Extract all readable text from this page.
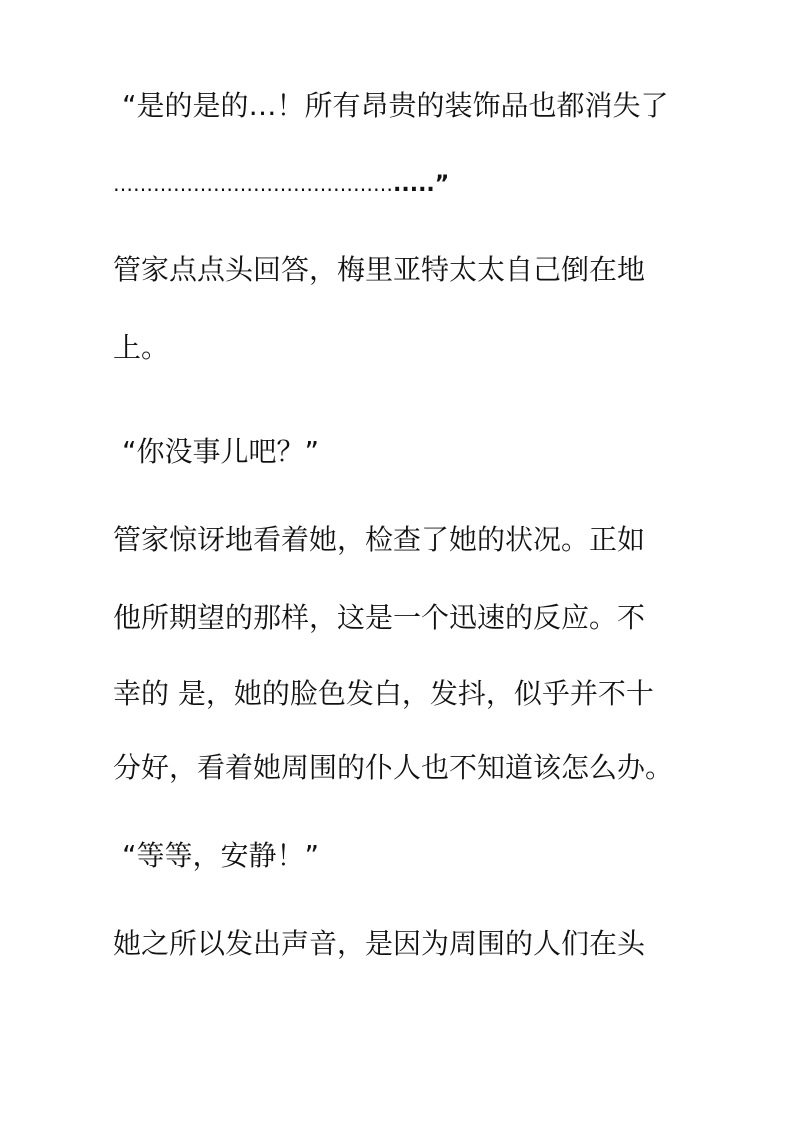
“是的是的…！所有昂贵的装饰品也都消失了
…………………………………….....”
管家点点头回答，梅里亚特太太自己倒在地
上。
“你没事儿吧？”
管家惊讶地看着她，检查了她的状况。正如
他所期望的那样，这是一个迅速的反应。不
幸的 是，她的脸色发白，发抖，似乎并不十
分好，看着她周围的仆人也不知道该怎么办。
“等等，安静！”
她之所以发出声音，是因为周围的人们在头
